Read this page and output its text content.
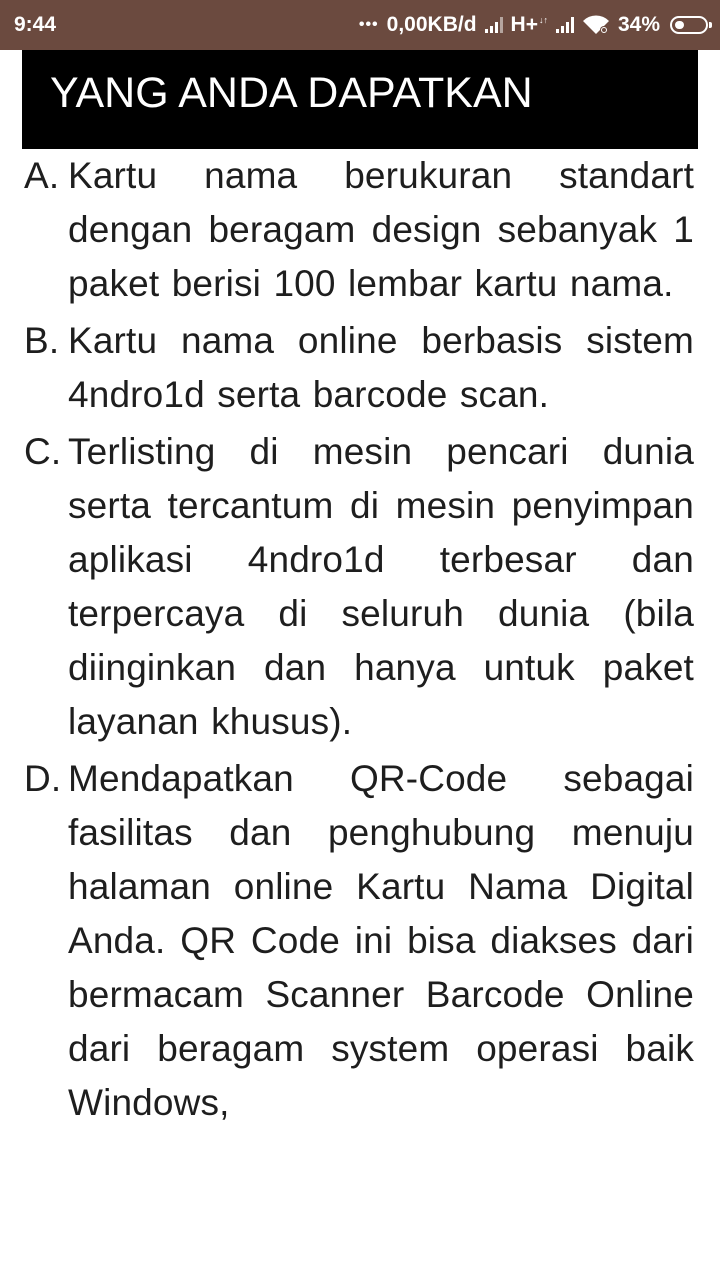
9:44	••• 0,00KB/d H+ ↓↑	34%
YANG ANDA DAPATKAN
A. Kartu nama berukuran standart dengan beragam design sebanyak 1 paket berisi 100 lembar kartu nama.
B. Kartu nama online berbasis sistem 4ndro1d serta barcode scan.
C. Terlisting di mesin pencari dunia serta tercantum di mesin penyimpan aplikasi 4ndro1d terbesar dan terpercaya di seluruh dunia (bila diinginkan dan hanya untuk paket layanan khusus).
D. Mendapatkan QR-Code sebagai fasilitas dan penghubung menuju halaman online Kartu Nama Digital Anda. QR Code ini bisa diakses dari bermacam Scanner Barcode Online dari beragam system operasi baik Windows,
